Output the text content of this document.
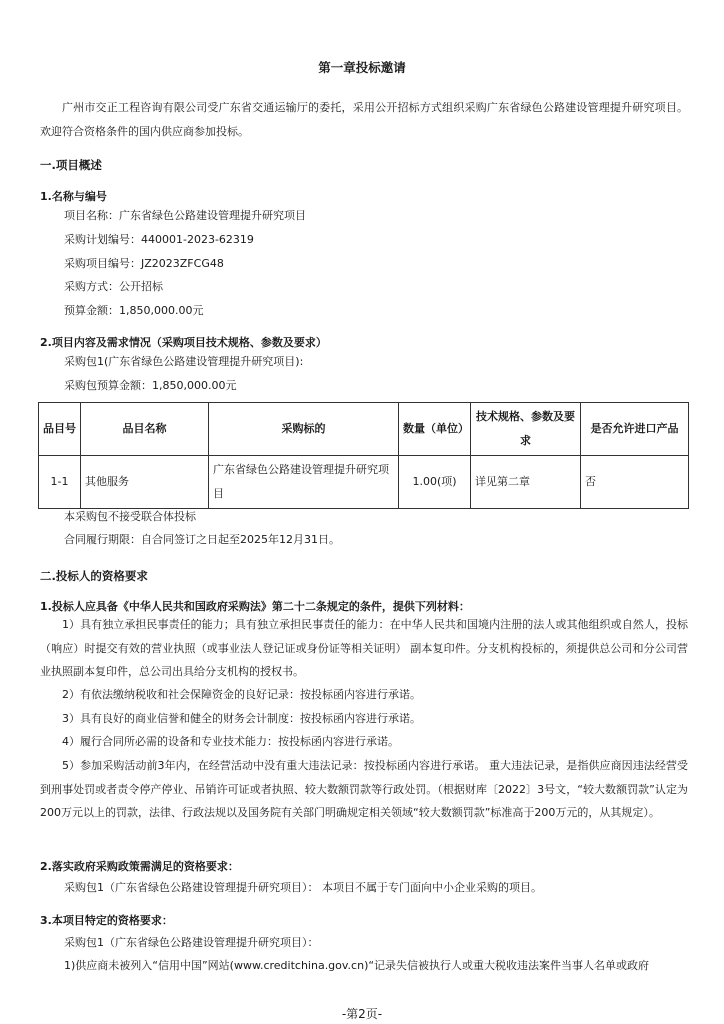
第一章投标邀请
广州市交正工程咨询有限公司受广东省交通运输厅的委托，采用公开招标方式组织采购广东省绿色公路建设管理提升研究项目。欢迎符合资格条件的国内供应商参加投标。
一.项目概述
1.名称与编号
项目名称：广东省绿色公路建设管理提升研究项目
采购计划编号：440001-2023-62319
采购项目编号：JZ2023ZFCG48
采购方式：公开招标
预算金额：1,850,000.00元
2.项目内容及需求情况（采购项目技术规格、参数及要求）
采购包1(广东省绿色公路建设管理提升研究项目):
采购包预算金额：1,850,000.00元
品目号	品目名称	采购标的	数量（单位）	技术规格、参数及要求	是否允许进口产品
1-1	其他服务	广东省绿色公路建设管理提升研究项目	1.00(项)	详见第二章	否
本采购包不接受联合体投标
合同履行期限：自合同签订之日起至2025年12月31日。
二.投标人的资格要求
1.投标人应具备《中华人民共和国政府采购法》第二十二条规定的条件，提供下列材料：
1）具有独立承担民事责任的能力；具有独立承担民事责任的能力：在中华人民共和国境内注册的法人或其他组织或自然人，投标（响应）时提交有效的营业执照（或事业法人登记证或身份证等相关证明） 副本复印件。分支机构投标的，须提供总公司和分公司营业执照副本复印件，总公司出具给分支机构的授权书。
2）有依法缴纳税收和社会保障资金的良好记录：按投标函内容进行承诺。
3）具有良好的商业信誉和健全的财务会计制度：按投标函内容进行承诺。
4）履行合同所必需的设备和专业技术能力：按投标函内容进行承诺。
5）参加采购活动前3年内，在经营活动中没有重大违法记录：按投标函内容进行承诺。 重大违法记录，是指供应商因违法经营受到刑事处罚或者责令停产停业、吊销许可证或者执照、较大数额罚款等行政处罚。（根据财库〔2022〕3号文，“较大数额罚款”认定为200万元以上的罚款，法律、行政法规以及国务院有关部门明确规定相关领域“较大数额罚款”标准高于200万元的，从其规定）。
2.落实政府采购政策需满足的资格要求：
采购包1（广东省绿色公路建设管理提升研究项目）： 本项目不属于专门面向中小企业采购的项目。
3.本项目特定的资格要求：
采购包1（广东省绿色公路建设管理提升研究项目）：
1)供应商未被列入“信用中国”网站(www.creditchina.gov.cn)“记录失信被执行人或重大税收违法案件当事人名单或政府
-第2页-
